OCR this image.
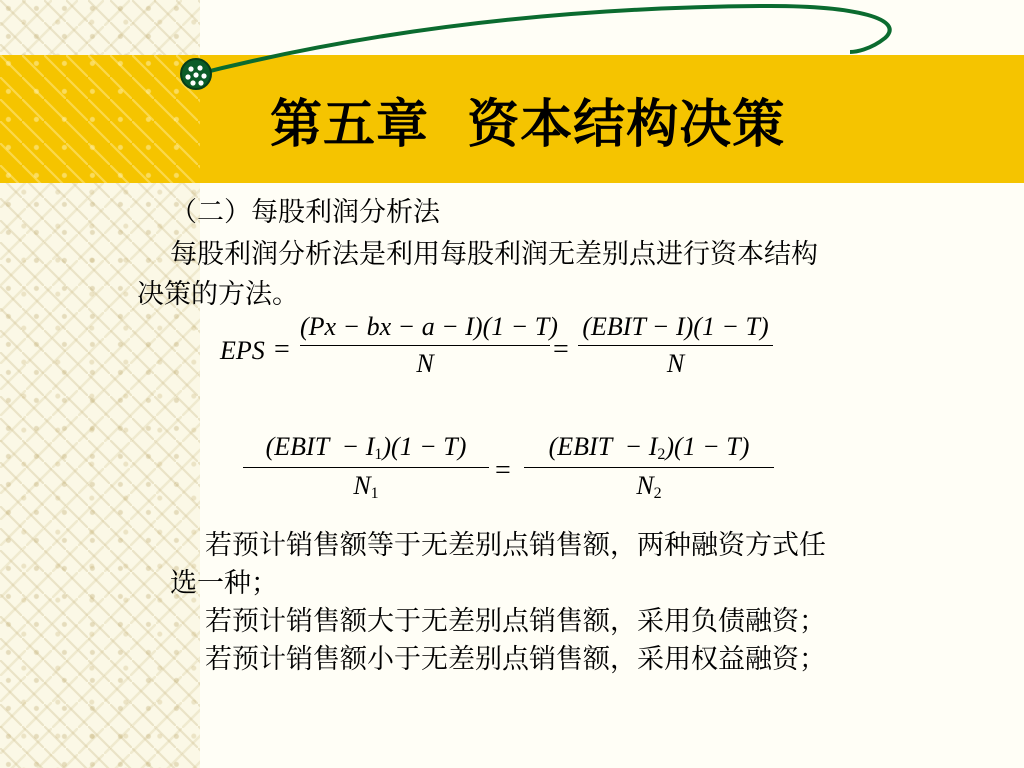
第五章  资本结构决策
（二）每股利润分析法
每股利润分析法是利用每股利润无差别点进行资本结构
决策的方法。
EPS =
(Px − bx − a − I)(1 − T)
N	=
(EBIT − I)(1 − T)
N
(EBIT  − $I_1)(1 - T)$
$N_1$
=
(EBIT  − $I_2)(1 - T)$
$N_2$
若预计销售额等于无差别点销售额，两种融资方式任
选一种；
若预计销售额大于无差别点销售额，采用负债融资；
若预计销售额小于无差别点销售额，采用权益融资；
